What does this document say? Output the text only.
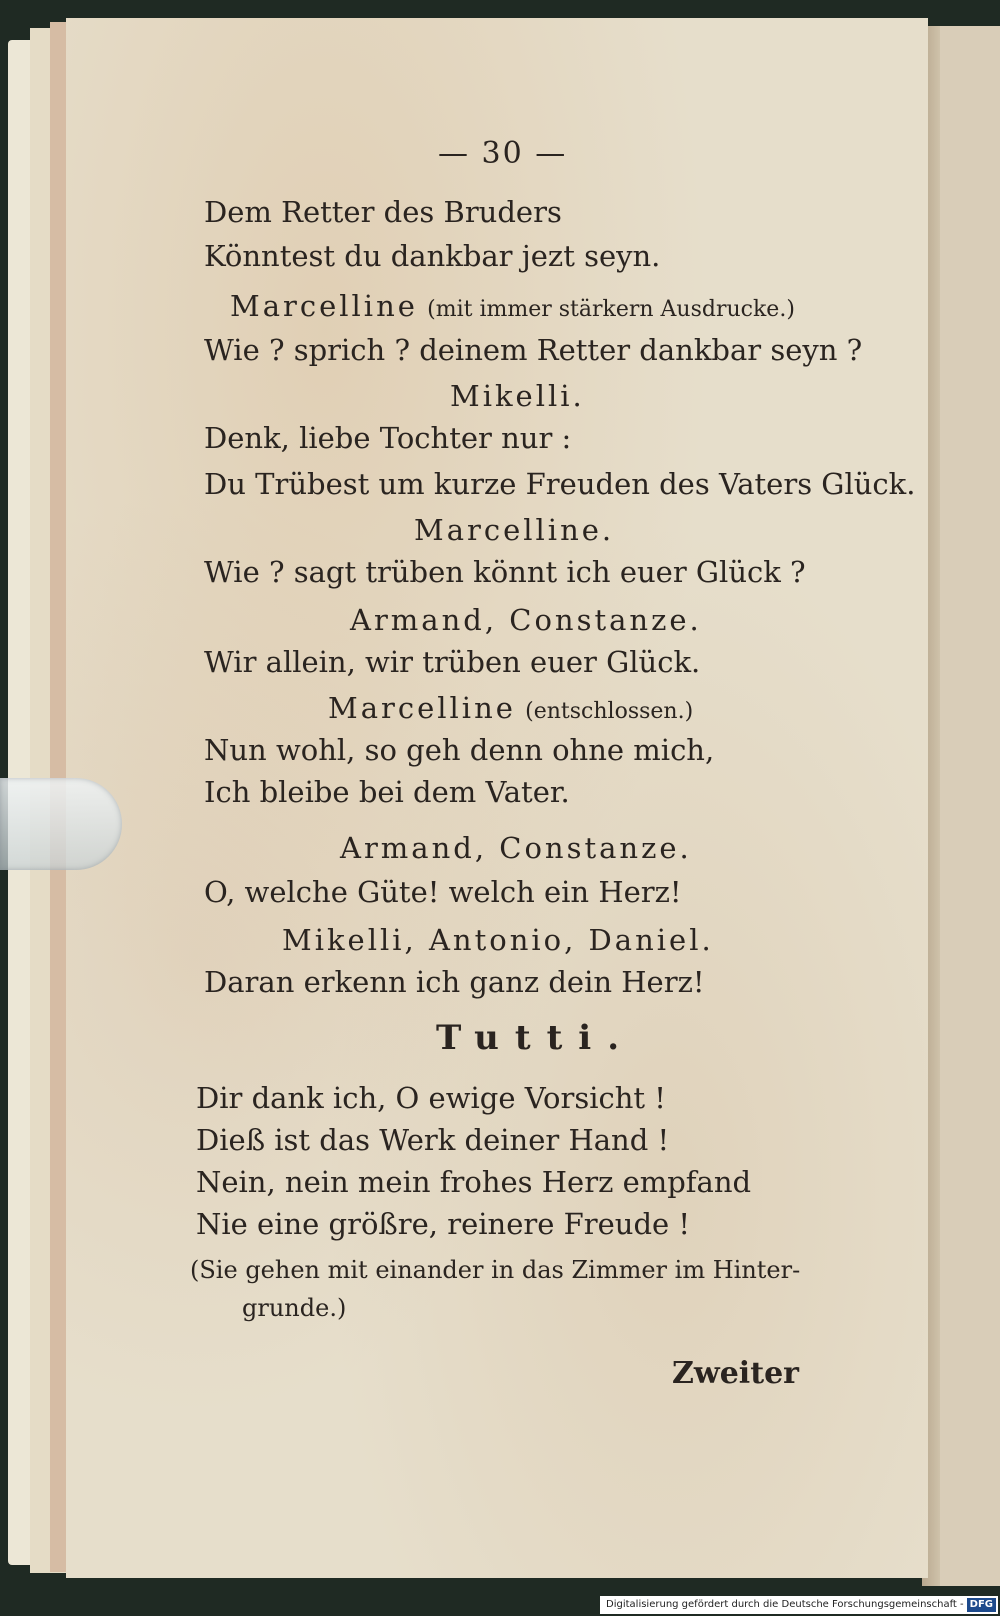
— 30 —
Dem Retter des Bruders
Könntest du dankbar jezt seyn.
Marcelline (mit immer stärkern Ausdrucke.)
Wie ? sprich ? deinem Retter dankbar seyn ?
Mikelli.
Denk, liebe Tochter nur :
Du Trübest um kurze Freuden des Vaters Glück.
Marcelline.
Wie ? sagt trüben könnt ich euer Glück ?
Armand, Constanze.
Wir allein, wir trüben euer Glück.
Marcelline (entschlossen.)
Nun wohl, so geh denn ohne mich,
Ich bleibe bei dem Vater.
Armand, Constanze.
O, welche Güte! welch ein Herz!
Mikelli, Antonio, Daniel.
Daran erkenn ich ganz dein Herz!
Tutti.
Dir dank ich, O ewige Vorsicht !
Dieß ist das Werk deiner Hand !
Nein, nein mein frohes Herz empfand
Nie eine größre, reinere Freude !
(Sie gehen mit einander in das Zimmer im Hinter-
grunde.)
Zweiter
Digitalisierung gefördert durch die Deutsche Forschungsgemeinschaft - DFG
